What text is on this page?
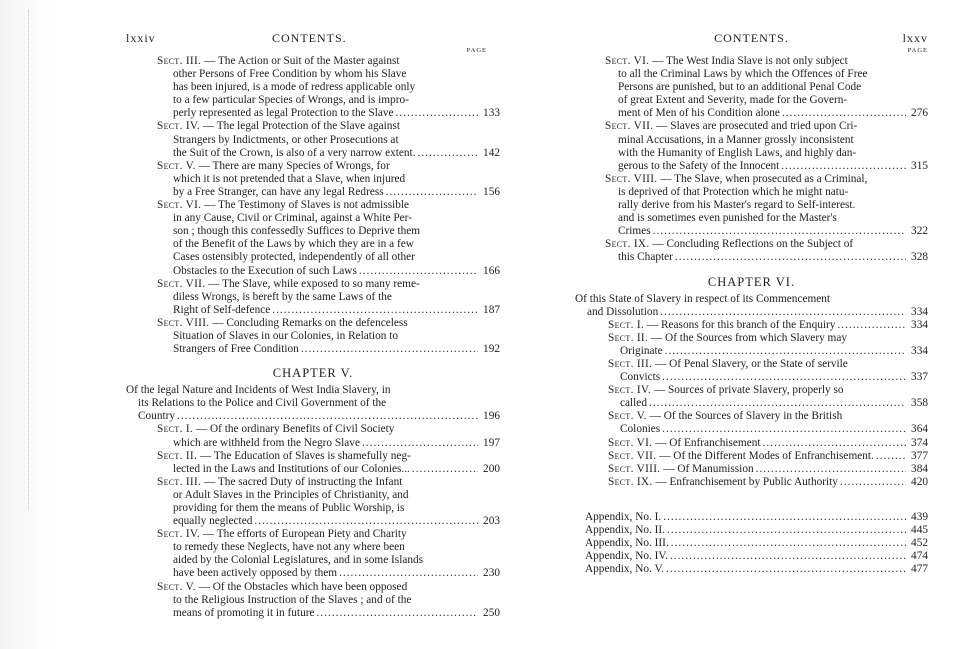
lxxiv	CONTENTS.
PAGE
Sect. III. — The Action or Suit of the Master against
other Persons of Free Condition by whom his Slave
has been injured, is a mode of redress applicable only
to a few particular Species of Wrongs, and is impro-
perly represented as legal Protection to the Slave .....	133
Sect. IV. — The legal Protection of the Slave against
Strangers by Indictments, or other Prosecutions at
the Suit of the Crown, is also of a very narrow extent. .....	142
Sect. V. — There are many Species of Wrongs, for
which it is not pretended that a Slave, when injured
by a Free Stranger, can have any legal Redress .....	156
Sect. VI. — The Testimony of Slaves is not admissible
in any Cause, Civil or Criminal, against a White Per-
son ; though this confessedly Suffices to Deprive them
of the Benefit of the Laws by which they are in a few
Cases ostensibly protected, independently of all other
Obstacles to the Execution of such Laws .....	166
Sect. VII. — The Slave, while exposed to so many reme-
diless Wrongs, is bereft by the same Laws of the
Right of Self-defence .....	187
Sect. VIII. — Concluding Remarks on the defenceless
Situation of Slaves in our Colonies, in Relation to
Strangers of Free Condition .....	192
CHAPTER V.
Of the legal Nature and Incidents of West India Slavery, in
its Relations to the Police and Civil Government of the
Country .....	196
Sect. I. — Of the ordinary Benefits of Civil Society
which are withheld from the Negro Slave .....	197
Sect. II. — The Education of Slaves is shamefully neg-
lected in the Laws and Institutions of our Colonies... .....	200
Sect. III. — The sacred Duty of instructing the Infant
or Adult Slaves in the Principles of Christianity, and
providing for them the means of Public Worship, is
equally neglected .....	203
Sect. IV. — The efforts of European Piety and Charity
to remedy these Neglects, have not any where been
aided by the Colonial Legislatures, and in some Islands
have been actively opposed by them .....	230
Sect. V. — Of the Obstacles which have been opposed
to the Religious Instruction of the Slaves ; and of the
means of promoting it in future .....	250
CONTENTS.	lxxv
PAGE
Sect. VI. — The West India Slave is not only subject
to all the Criminal Laws by which the Offences of Free
Persons are punished, but to an additional Penal Code
of great Extent and Severity, made for the Govern-
ment of Men of his Condition alone .....	276
Sect. VII. — Slaves are prosecuted and tried upon Cri-
minal Accusations, in a Manner grossly inconsistent
with the Humanity of English Laws, and highly dan-
gerous to the Safety of the Innocent .....	315
Sect. VIII. — The Slave, when prosecuted as a Criminal,
is deprived of that Protection which he might natu-
rally derive from his Master's regard to Self-interest.
and is sometimes even punished for the Master's
Crimes .....	322
Sect. IX. — Concluding Reflections on the Subject of
this Chapter .....	328
CHAPTER VI.
Of this State of Slavery in respect of its Commencement
and Dissolution .....	334
Sect. I. — Reasons for this branch of the Enquiry .....	334
Sect. II. — Of the Sources from which Slavery may
Originate .....	334
Sect. III. — Of Penal Slavery, or the State of servile
Convicts .....	337
Sect. IV. — Sources of private Slavery, properly so
called .....	358
Sect. V. — Of the Sources of Slavery in the British
Colonies .....	364
Sect. VI. — Of Enfranchisement .....	374
Sect. VII. — Of the Different Modes of Enfranchisement. .....	377
Sect. VIII. — Of Manumission .....	384
Sect. IX. — Enfranchisement by Public Authority .....	420
Appendix, No. I. .....	439
Appendix, No. II. .....	445
Appendix, No. III. .....	452
Appendix, No. IV. .....	474
Appendix, No. V. .....	477
